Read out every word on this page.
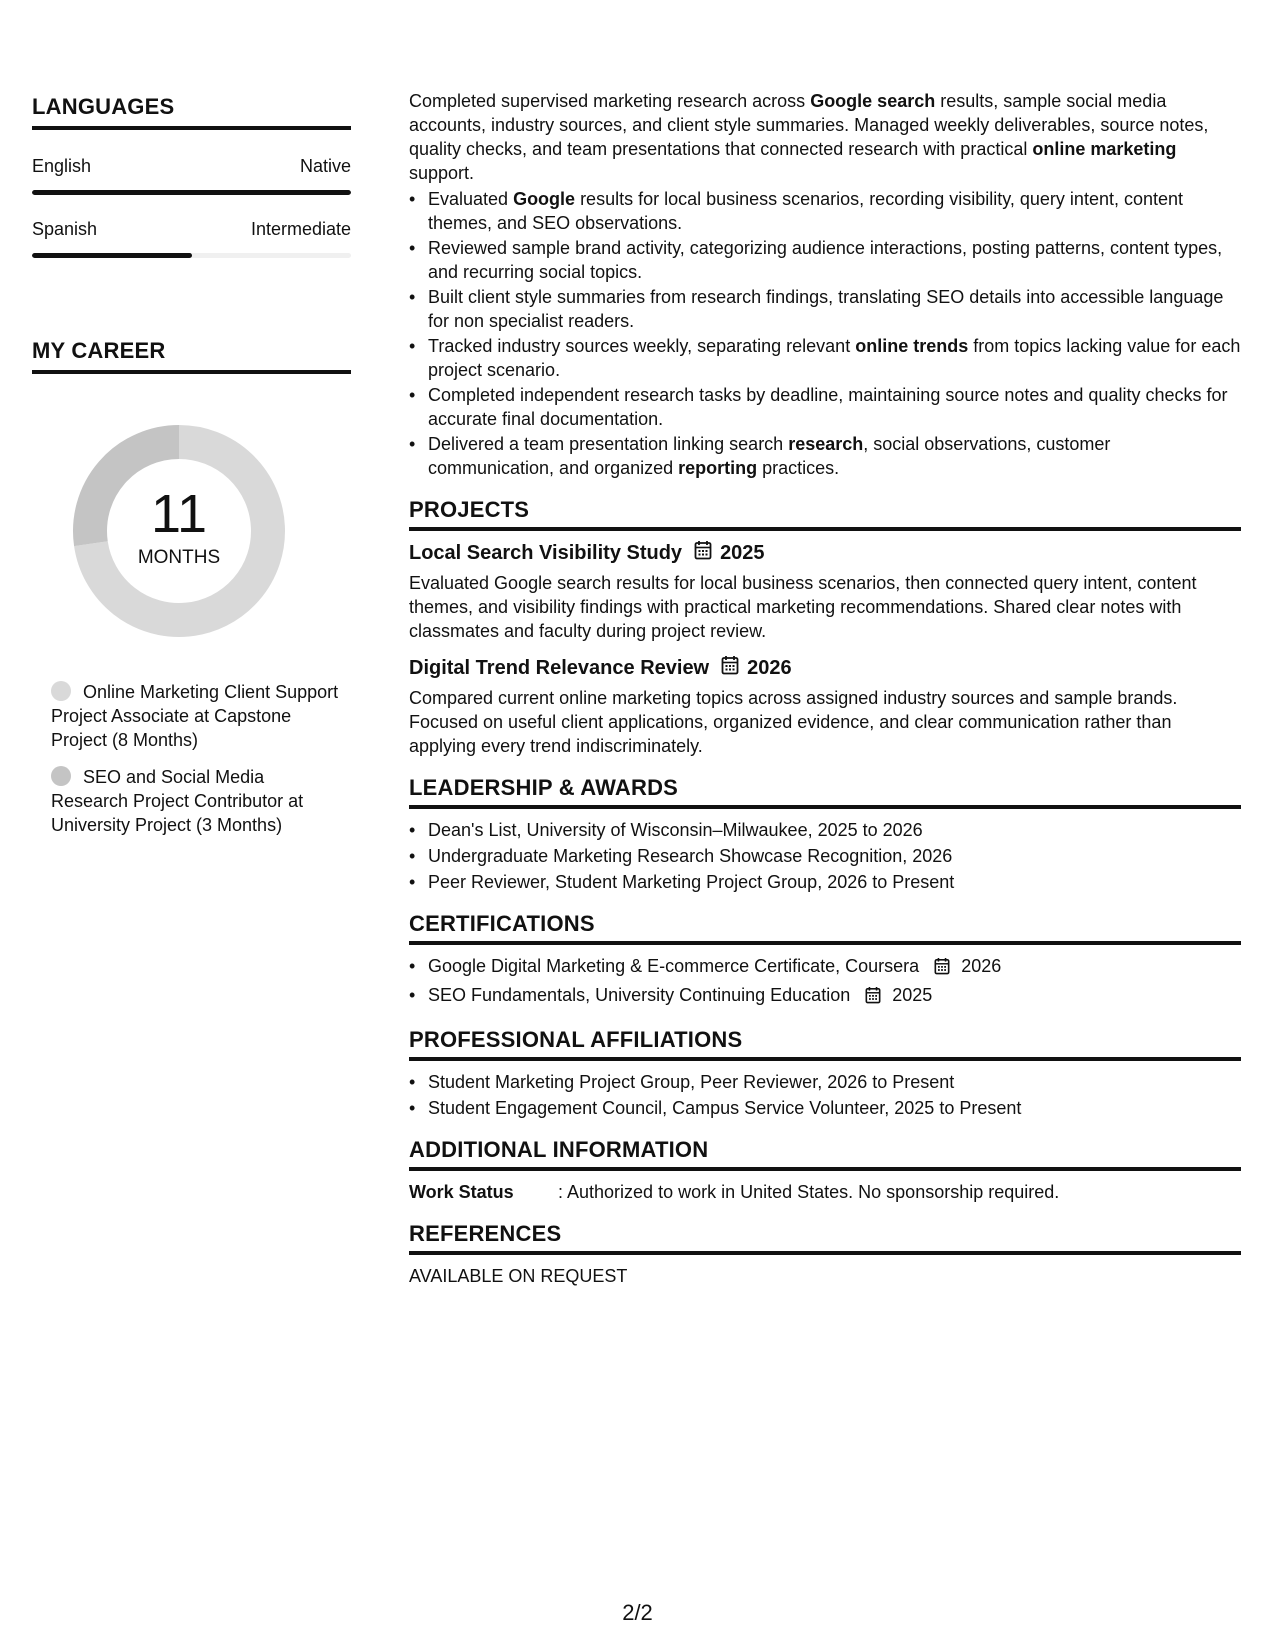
LANGUAGES
English	Native
Spanish	Intermediate
MY CAREER
11
MONTHS
Online Marketing Client Support Project Associate at Capstone Project (8 Months)
SEO and Social Media Research Project Contributor at University Project (3 Months)

Completed supervised marketing research across Google search results, sample social media accounts, industry sources, and client style summaries. Managed weekly deliverables, source notes, quality checks, and team presentations that connected research with practical online marketing support.

• Evaluated Google results for local business scenarios, recording visibility, query intent, content themes, and SEO observations.
• Reviewed sample brand activity, categorizing audience interactions, posting patterns, content types, and recurring social topics.
• Built client style summaries from research findings, translating SEO details into accessible language for non specialist readers.
• Tracked industry sources weekly, separating relevant online trends from topics lacking value for each project scenario.
• Completed independent research tasks by deadline, maintaining source notes and quality checks for accurate final documentation.
• Delivered a team presentation linking search research, social observations, customer communication, and organized reporting practices.
PROJECTS
Local Search Visibility Study 2025

Evaluated Google search results for local business scenarios, then connected query intent, content themes, and visibility findings with practical marketing recommendations. Shared clear notes with classmates and faculty during project review.

Digital Trend Relevance Review 2026

Compared current online marketing topics across assigned industry sources and sample brands. Focused on useful client applications, organized evidence, and clear communication rather than applying every trend indiscriminately.

LEADERSHIP & AWARDS
• Dean's List, University of Wisconsin–Milwaukee, 2025 to 2026
• Undergraduate Marketing Research Showcase Recognition, 2026
• Peer Reviewer, Student Marketing Project Group, 2026 to Present
CERTIFICATIONS
• Google Digital Marketing & E-commerce Certificate, Coursera 2026
• SEO Fundamentals, University Continuing Education 2025
PROFESSIONAL AFFILIATIONS
• Student Marketing Project Group, Peer Reviewer, 2026 to Present
• Student Engagement Council, Campus Service Volunteer, 2025 to Present
ADDITIONAL INFORMATION
Work Status	: Authorized to work in United States. No sponsorship required.
REFERENCES

AVAILABLE ON REQUEST

2/2
